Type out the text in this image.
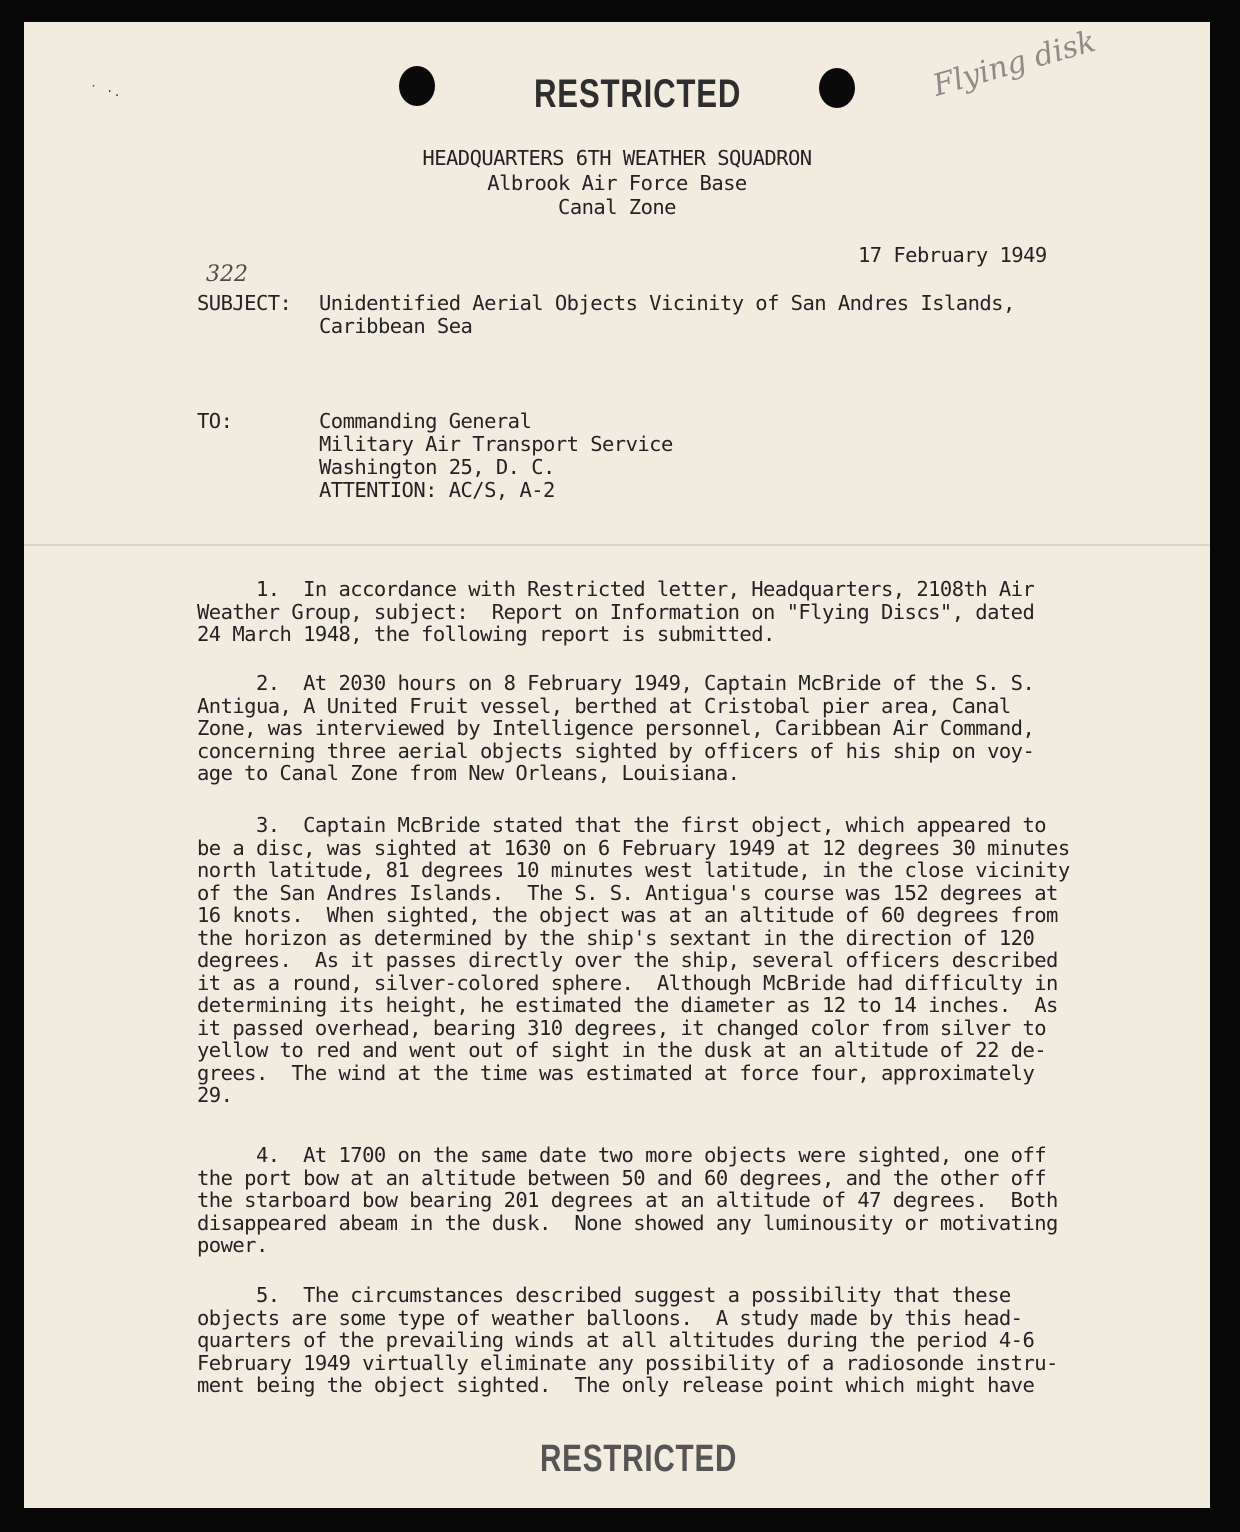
˙ ·.	RESTRICTED	Flying disk
HEADQUARTERS 6TH WEATHER SQUADRON
Albrook Air Force Base
Canal Zone
17 February 1949
322
SUBJECT: Unidentified Aerial Objects Vicinity of San Andres Islands,
Caribbean Sea
TO:	Commanding General
Military Air Transport Service
Washington 25, D. C.
ATTENTION: AC/S, A-2

1.  In accordance with Restricted letter, Headquarters, 2108th Air
Weather Group, subject:  Report on Information on "Flying Discs", dated
24 March 1948, the following report is submitted.

2.  At 2030 hours on 8 February 1949, Captain McBride of the S. S.
Antigua, A United Fruit vessel, berthed at Cristobal pier area, Canal
Zone, was interviewed by Intelligence personnel, Caribbean Air Command,
concerning three aerial objects sighted by officers of his ship on voy-
age to Canal Zone from New Orleans, Louisiana.

3.  Captain McBride stated that the first object, which appeared to
be a disc, was sighted at 1630 on 6 February 1949 at 12 degrees 30 minutes
north latitude, 81 degrees 10 minutes west latitude, in the close vicinity
of the San Andres Islands.  The S. S. Antigua's course was 152 degrees at
16 knots.  When sighted, the object was at an altitude of 60 degrees from
the horizon as determined by the ship's sextant in the direction of 120
degrees.  As it passes directly over the ship, several officers described
it as a round, silver-colored sphere.  Although McBride had difficulty in
determining its height, he estimated the diameter as 12 to 14 inches.  As
it passed overhead, bearing 310 degrees, it changed color from silver to
yellow to red and went out of sight in the dusk at an altitude of 22 de-
grees.  The wind at the time was estimated at force four, approximately
29.

4.  At 1700 on the same date two more objects were sighted, one off
the port bow at an altitude between 50 and 60 degrees, and the other off
the starboard bow bearing 201 degrees at an altitude of 47 degrees.  Both
disappeared abeam in the dusk.  None showed any luminousity or motivating
power.

5.  The circumstances described suggest a possibility that these
objects are some type of weather balloons.  A study made by this head-
quarters of the prevailing winds at all altitudes during the period 4-6
February 1949 virtually eliminate any possibility of a radiosonde instru-
ment being the object sighted.  The only release point which might have

RESTRICTED
